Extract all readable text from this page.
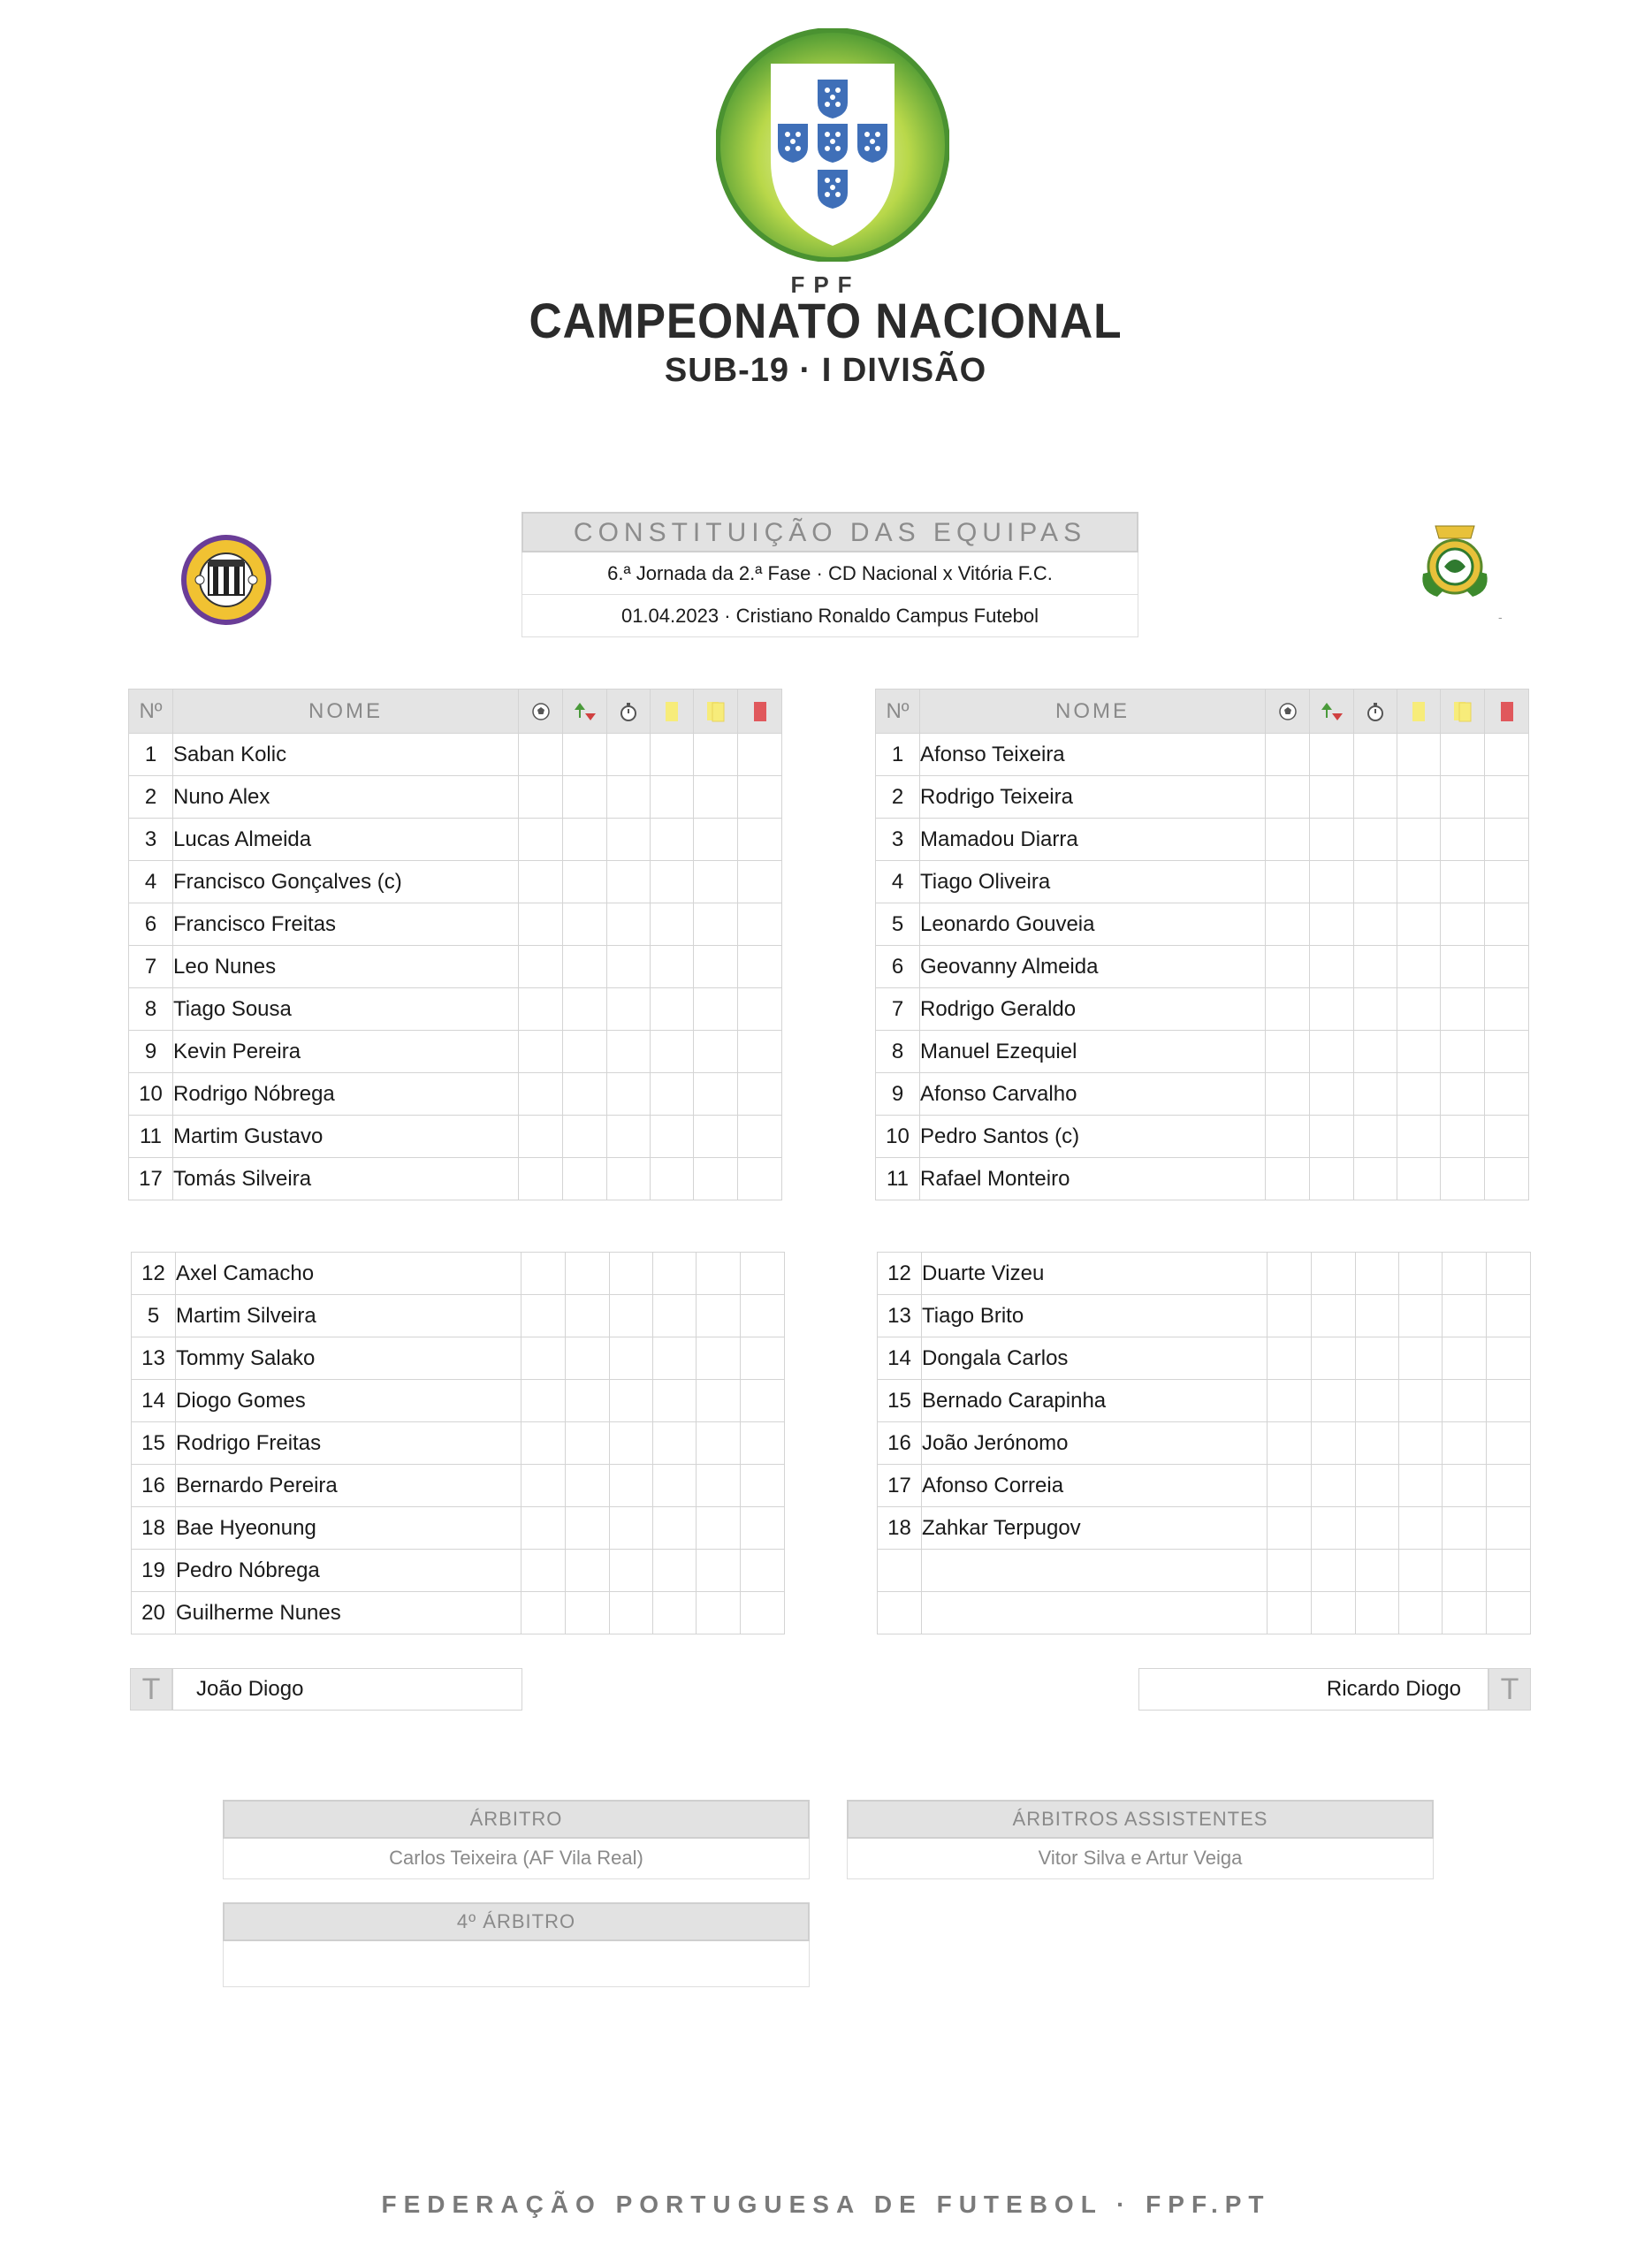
FPF
CAMPEONATO NACIONAL
SUB-19 · I DIVISÃO
CONSTITUIÇÃO DAS EQUIPAS
6.ª Jornada da 2.ª Fase · CD Nacional x Vitória F.C.
01.04.2023 · Cristiano Ronaldo Campus Futebol	-
Nº	NOME	

1	Saban Kolic						
2	Nuno Alex						
3	Lucas Almeida						
4	Francisco Gonçalves (c)						
6	Francisco Freitas						
7	Leo Nunes						
8	Tiago Sousa						
9	Kevin Pereira						
10	Rodrigo Nóbrega						
11	Martim Gustavo						
17	Tomás Silveira						
Nº	NOME	

1	Afonso Teixeira						
2	Rodrigo Teixeira						
3	Mamadou Diarra						
4	Tiago Oliveira						
5	Leonardo Gouveia						
6	Geovanny Almeida						
7	Rodrigo Geraldo						
8	Manuel Ezequiel						
9	Afonso Carvalho						
10	Pedro Santos (c)						
11	Rafael Monteiro						
12	Axel Camacho						
5	Martim Silveira						
13	Tommy Salako						
14	Diogo Gomes						
15	Rodrigo Freitas						
16	Bernardo Pereira						
18	Bae Hyeonung						
19	Pedro Nóbrega						
20	Guilherme Nunes						
12	Duarte Vizeu						
13	Tiago Brito						
14	Dongala Carlos						
15	Bernado Carapinha						
16	João Jerónomo						
17	Afonso Correia						
18	Zahkar Terpugov						

T	João Diogo	Ricardo Diogo	T
ÁRBITRO
Carlos Teixeira (AF Vila Real)
ÁRBITROS ASSISTENTES
Vitor Silva e Artur Veiga
4º ÁRBITRO
FEDERAÇÃO PORTUGUESA DE FUTEBOL · FPF.PT
